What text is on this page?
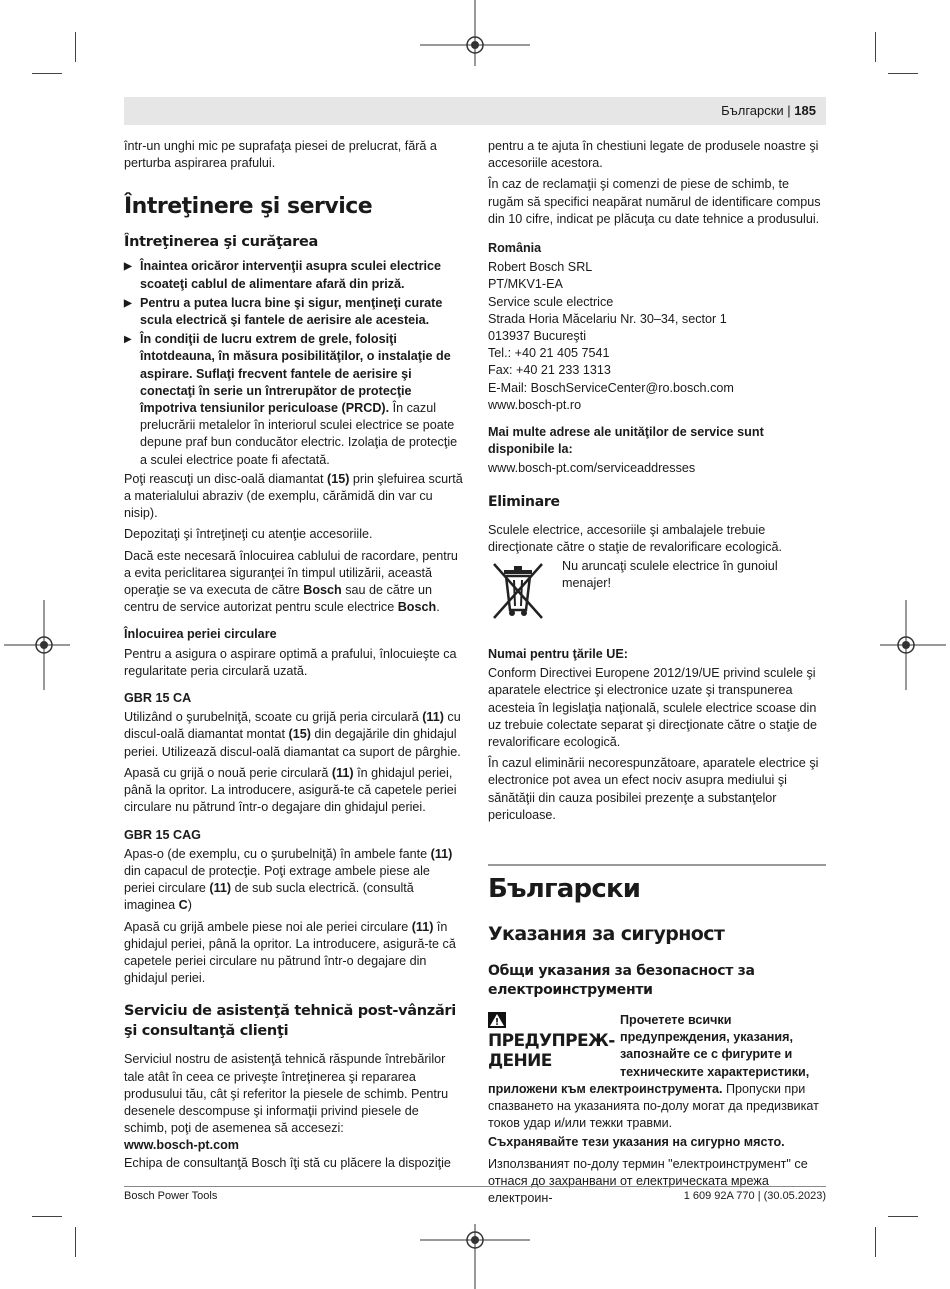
Български | 185

într-un unghi mic pe suprafaţa piesei de prelucrat, fără a perturba aspirarea prafului.

Întreţinere şi service
Întreţinerea şi curăţarea
▶ Înaintea oricăror intervenţii asupra sculei electrice scoateţi cablul de alimentare afară din priză.
▶ Pentru a putea lucra bine şi sigur, menţineţi curate scula electrică şi fantele de aerisire ale acesteia.
▶ În condiţii de lucru extrem de grele, folosiţi întotdeauna, în măsura posibilităţilor, o instalaţie de aspirare. Suflaţi frecvent fantele de aerisire şi conectaţi în serie un întrerupător de protecţie împotriva tensiunilor periculoase (PRCD). În cazul prelucrării metalelor în interiorul sculei electrice se poate depune praf bun conducător electric. Izolaţia de protecţie a sculei electrice poate fi afectată.

Poţi reascuţi un disc-oală diamantat (15) prin şlefuirea scurtă a materialului abraziv (de exemplu, cărămidă din var cu nisip).

Depozitaţi şi întreţineţi cu atenţie accesoriile.

Dacă este necesară înlocuirea cablului de racordare, pentru a evita periclitarea siguranţei în timpul utilizării, această operaţie se va executa de către Bosch sau de către un centru de service autorizat pentru scule electrice Bosch.

Înlocuirea periei circulare

Pentru a asigura o aspirare optimă a prafului, înlocuieşte ca regularitate peria circulară uzată.

GBR 15 CA

Utilizând o şurubelniţă, scoate cu grijă peria circulară (11) cu discul-oală diamantat montat (15) din degajările din ghidajul periei. Utilizează discul-oală diamantat ca suport de pârghie.

Apasă cu grijă o nouă perie circulară (11) în ghidajul periei, până la opritor. La introducere, asigură-te că capetele periei circulare nu pătrund într-o degajare din ghidajul periei.

GBR 15 CAG

Apas-o (de exemplu, cu o şurubelniţă) în ambele fante (11) din capacul de protecţie. Poţi extrage ambele piese ale periei circulare (11) de sub sucla electrică. (consultă imaginea C)

Apasă cu grijă ambele piese noi ale periei circulare (11) în ghidajul periei, până la opritor. La introducere, asigură-te că capetele periei circulare nu pătrund într-o degajare din ghidajul periei.

Serviciu de asistenţă tehnică post-vânzări şi consultanţă clienţi

Serviciul nostru de asistenţă tehnică răspunde întrebărilor tale atât în ceea ce priveşte întreţinerea şi repararea produsului tău, cât şi referitor la piesele de schimb. Pentru desenele descompuse şi informaţii privind piesele de schimb, poţi de asemenea să accesezi:

www.bosch-pt.com

Echipa de consultanţă Bosch îţi stă cu plăcere la dispoziţie

pentru a te ajuta în chestiuni legate de produsele noastre şi accesoriile acestora.

În caz de reclamaţii şi comenzi de piese de schimb, te rugăm să specifici neapărat numărul de identificare compus din 10 cifre, indicat pe plăcuţa cu date tehnice a produsului.

România
Robert Bosch SRL
PT/MKV1-EA
Service scule electrice
Strada Horia Măcelariu Nr. 30–34, sector 1
013937 Bucureşti
Tel.: +40 21 405 7541
Fax: +40 21 233 1313
E-Mail: BoschServiceCenter@ro.bosch.com
www.bosch-pt.ro
Mai multe adrese ale unităţilor de service sunt disponibile la:

www.bosch-pt.com/serviceaddresses

Eliminare

Sculele electrice, accesoriile şi ambalajele trebuie direcţionate către o staţie de revalorificare ecologică.

Nu aruncaţi sculele electrice în gunoiul menajer!
Numai pentru ţările UE:

Conform Directivei Europene 2012/19/UE privind sculele şi aparatele electrice şi electronice uzate şi transpunerea acesteia în legislaţia naţională, sculele electrice scoase din uz trebuie colectate separat şi direcţionate către o staţie de revalorificare ecologică.

În cazul eliminării necorespunzătoare, aparatele electrice şi electronice pot avea un efect nociv asupra mediului şi sănătăţii din cauza posibilei prezenţe a substanţelor periculoase.

Български
Указания за сигурност
Общи указания за безопасност за електроинструменти
ПРЕДУПРЕЖ-ДЕНИЕ
Прочетете всички предупреждения, указания, запознайте се с фигурите и техническите характеристики, приложени към електроинструмента. Пропуски при спазването на указанията по-долу могат да предизвикат токов удар и/или тежки травми.
Съхранявайте тези указания на сигурно място.

Използваният по-долу термин "електроинструмент" се отнася до захранвани от електрическата мрежа електроин-

Bosch Power Tools	1 609 92A 770 | (30.05.2023)
